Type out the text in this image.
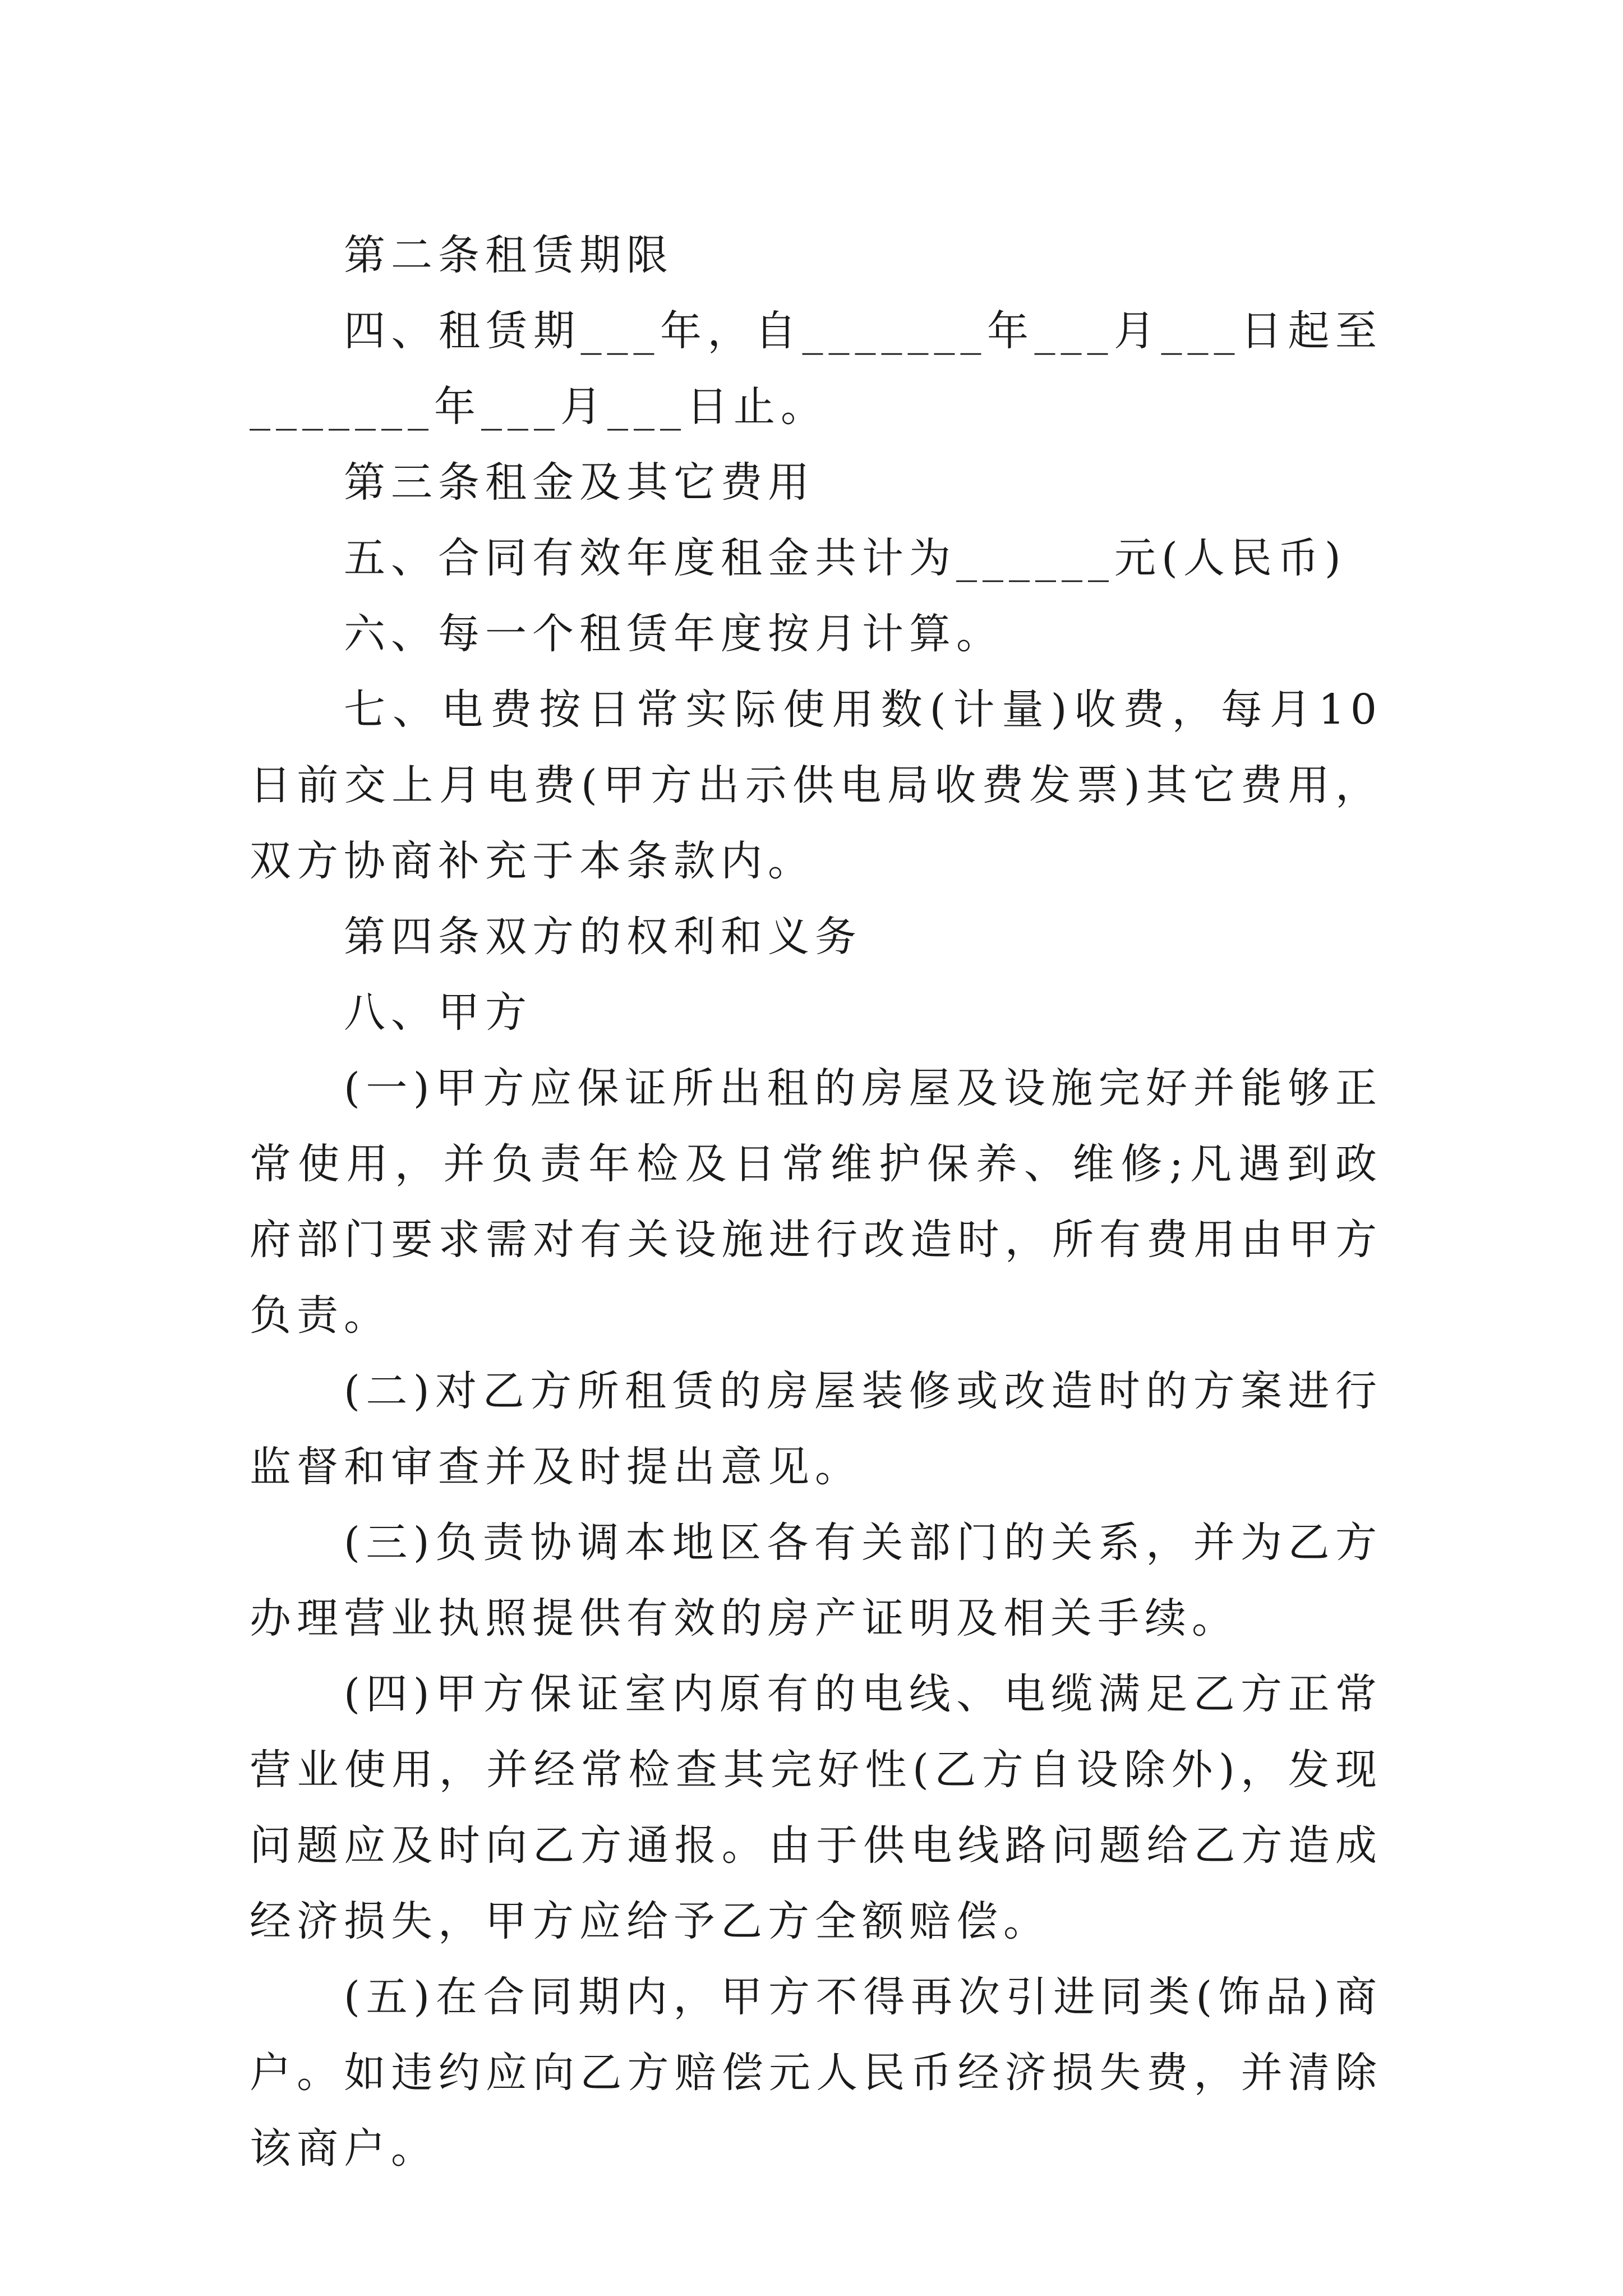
第二条租赁期限

四、租赁期___年，自_______年___月___日起至_______年___月___日止。

第三条租金及其它费用

五、合同有效年度租金共计为______元(人民币)

六、每一个租赁年度按月计算。

七、电费按日常实际使用数(计量)收费，每月10日前交上月电费(甲方出示供电局收费发票)其它费用，双方协商补充于本条款内。

第四条双方的权利和义务

八、甲方

(一)甲方应保证所出租的房屋及设施完好并能够正常使用，并负责年检及日常维护保养、维修;凡遇到政府部门要求需对有关设施进行改造时，所有费用由甲方负责。

(二)对乙方所租赁的房屋装修或改造时的方案进行监督和审查并及时提出意见。

(三)负责协调本地区各有关部门的关系，并为乙方办理营业执照提供有效的房产证明及相关手续。

(四)甲方保证室内原有的电线、电缆满足乙方正常营业使用，并经常检查其完好性(乙方自设除外)，发现问题应及时向乙方通报。由于供电线路问题给乙方造成经济损失，甲方应给予乙方全额赔偿。

(五)在合同期内，甲方不得再次引进同类(饰品)商户。如违约应向乙方赔偿元人民币经济损失费，并清除该商户。
